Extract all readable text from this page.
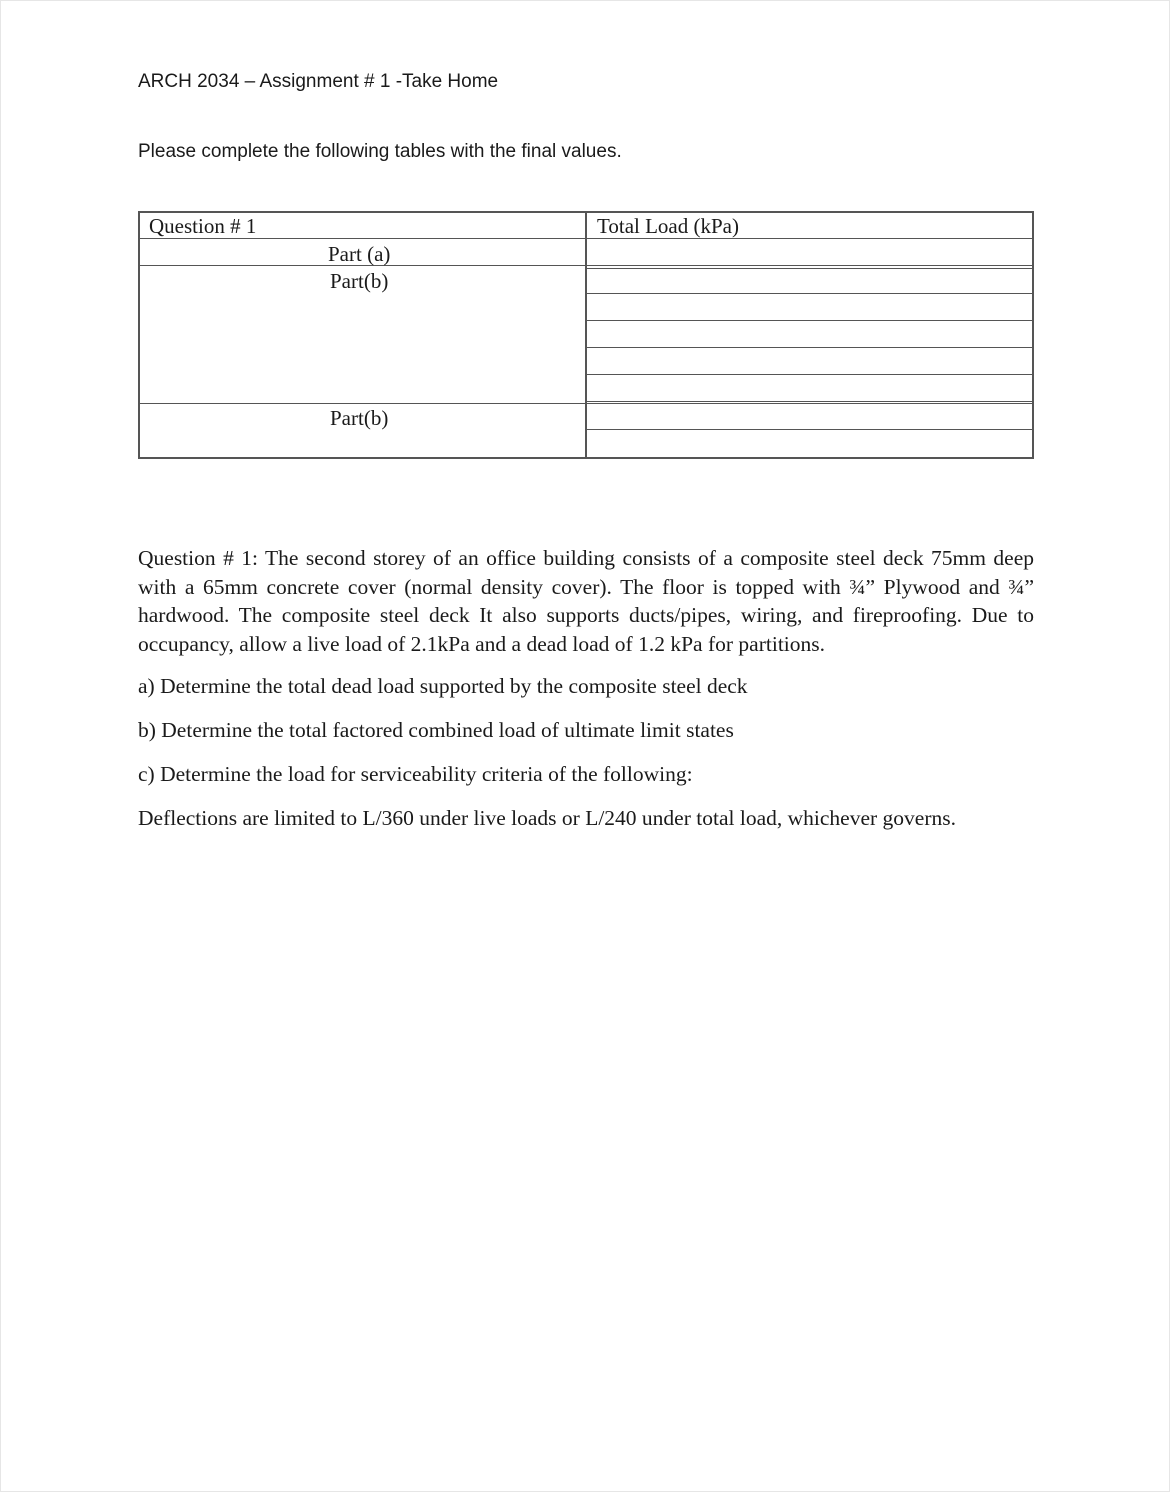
ARCH 2034 – Assignment # 1 -Take Home
Please complete the following tables with the final values.
Question # 1	Total Load (kPa)
Part (a)
Part(b)
Part(b)

Question # 1: The second storey of an office building consists of a composite steel deck 75mm deep with a 65mm concrete cover (normal density cover). The floor is topped with ¾” Plywood and ¾” hardwood. The composite steel deck It also supports ducts/pipes, wiring, and fireproofing. Due to occupancy, allow a live load of 2.1kPa and a dead load of 1.2 kPa for partitions.

a) Determine the total dead load supported by the composite steel deck

b) Determine the total factored combined load of ultimate limit states

c) Determine the load for serviceability criteria of the following:

Deflections are limited to L/360 under live loads or L/240 under total load, whichever governs.
